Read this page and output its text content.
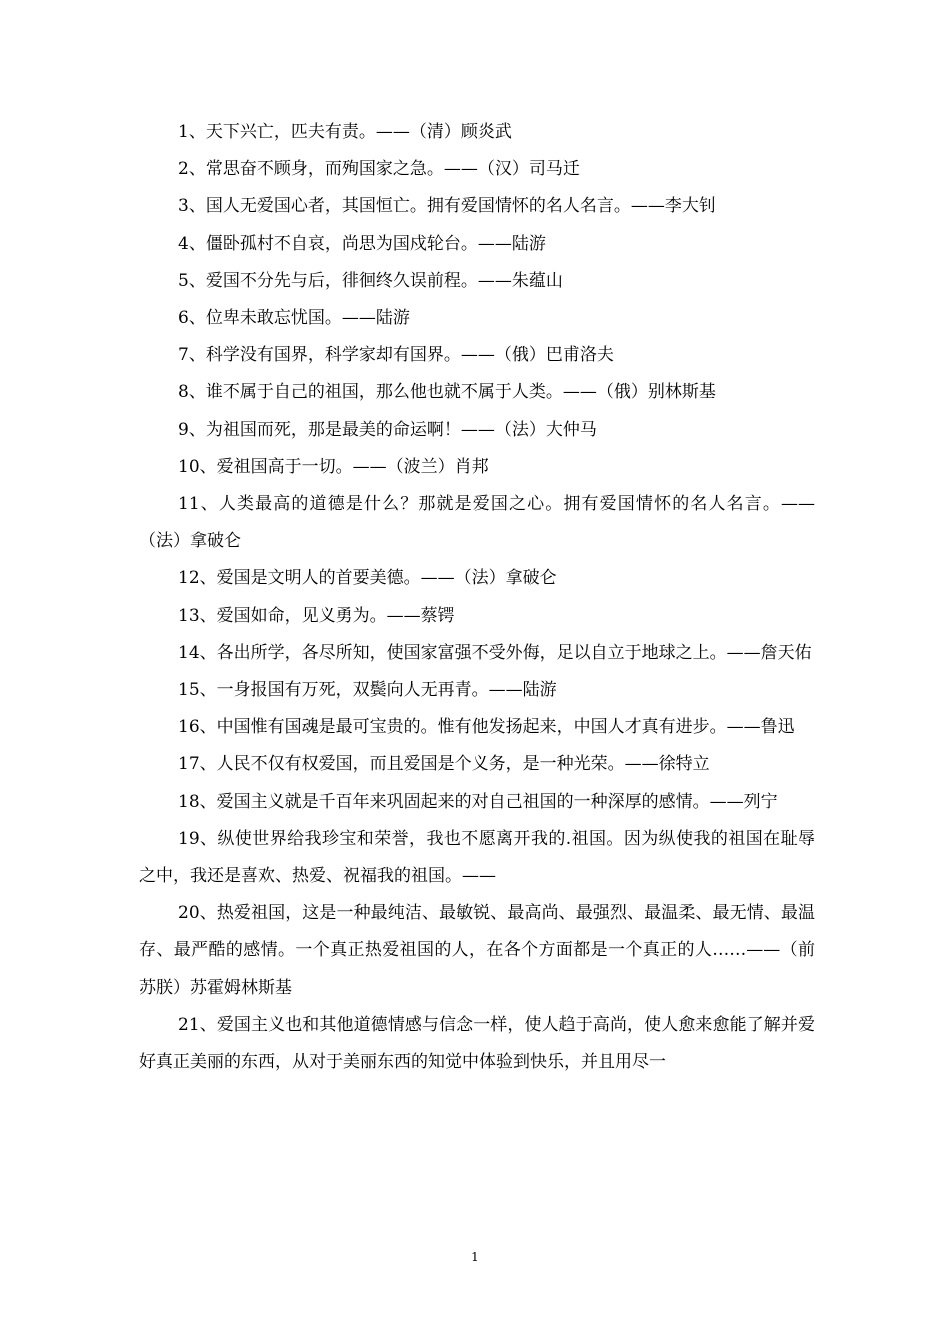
1、天下兴亡，匹夫有责。——（清）顾炎武

2、常思奋不顾身，而殉国家之急。——（汉）司马迁

3、国人无爱国心者，其国恒亡。拥有爱国情怀的名人名言。——李大钊

4、僵卧孤村不自哀，尚思为国戍轮台。——陆游

5、爱国不分先与后，徘徊终久误前程。——朱蕴山

6、位卑未敢忘忧国。——陆游

7、科学没有国界，科学家却有国界。——（俄）巴甫洛夫

8、谁不属于自己的祖国，那么他也就不属于人类。——（俄）别林斯基

9、为祖国而死，那是最美的命运啊！——（法）大仲马

10、爱祖国高于一切。——（波兰）肖邦

11、人类最高的道德是什么？那就是爱国之心。拥有爱国情怀的名人名言。——（法）拿破仑

12、爱国是文明人的首要美德。——（法）拿破仑

13、爱国如命，见义勇为。——蔡锷

14、各出所学，各尽所知，使国家富强不受外侮，足以自立于地球之上。——詹天佑

15、一身报国有万死，双鬓向人无再青。——陆游

16、中国惟有国魂是最可宝贵的。惟有他发扬起来，中国人才真有进步。——鲁迅

17、人民不仅有权爱国，而且爱国是个义务，是一种光荣。——徐特立

18、爱国主义就是千百年来巩固起来的对自己祖国的一种深厚的感情。——列宁

19、纵使世界给我珍宝和荣誉，我也不愿离开我的.祖国。因为纵使我的祖国在耻辱之中，我还是喜欢、热爱、祝福我的祖国。——

20、热爱祖国，这是一种最纯洁、最敏锐、最高尚、最强烈、最温柔、最无情、最温存、最严酷的感情。一个真正热爱祖国的人，在各个方面都是一个真正的人……——（前苏朕）苏霍姆林斯基

21、爱国主义也和其他道德情感与信念一样，使人趋于高尚，使人愈来愈能了解并爱好真正美丽的东西，从对于美丽东西的知觉中体验到快乐，并且用尽一

1
